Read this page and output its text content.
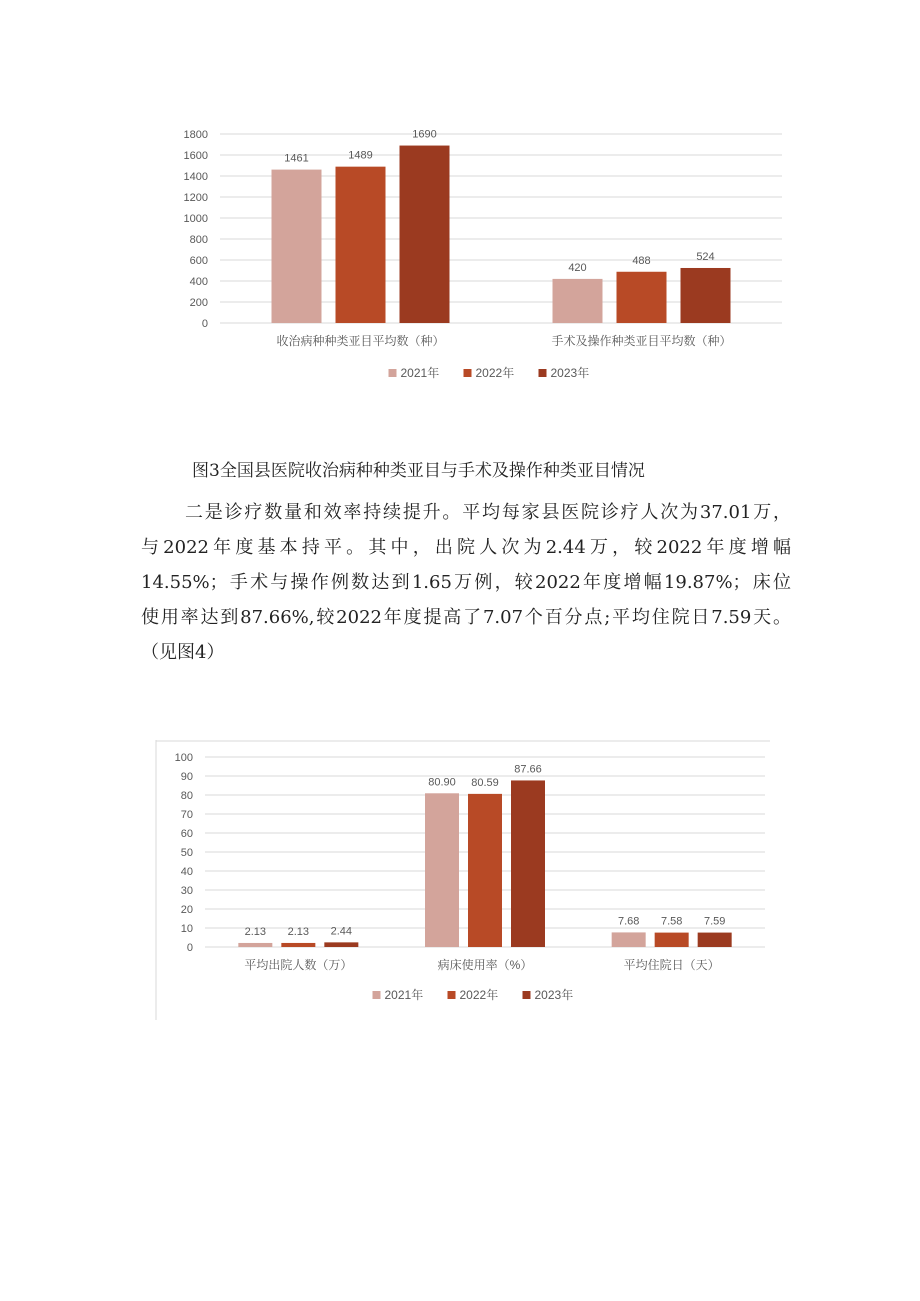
0
200
400
600
800
1000
1200
1400
1600
1800
1461	1489
1690
收治病种种类亚目平均数（种）
420
488	524
手术及操作种类亚目平均数（种）
2021年	2022年	2023年
图3全国县医院收治病种种类亚目与手术及操作种类亚目情况
二是诊疗数量和效率持续提升。平均每家县医院诊疗人次为37.01万，
与2022年度基本持平。其中，出院人次为2.44万，较2022年度增幅
14.55%；手术与操作例数达到1.65万例，较2022年度增幅19.87%；床位
使用率达到87.66%,较2022年度提高了7.07个百分点;平均住院日7.59天。
（见图4）
0
10
20
30
40
50
60
70
80
90
100
2.13 2.13 2.44
平均出院人数（万）
80.90 80.59
87.66
病床使用率（%）
7.68 7.58 7.59
平均住院日（天）
2021年	2022年	2023年
